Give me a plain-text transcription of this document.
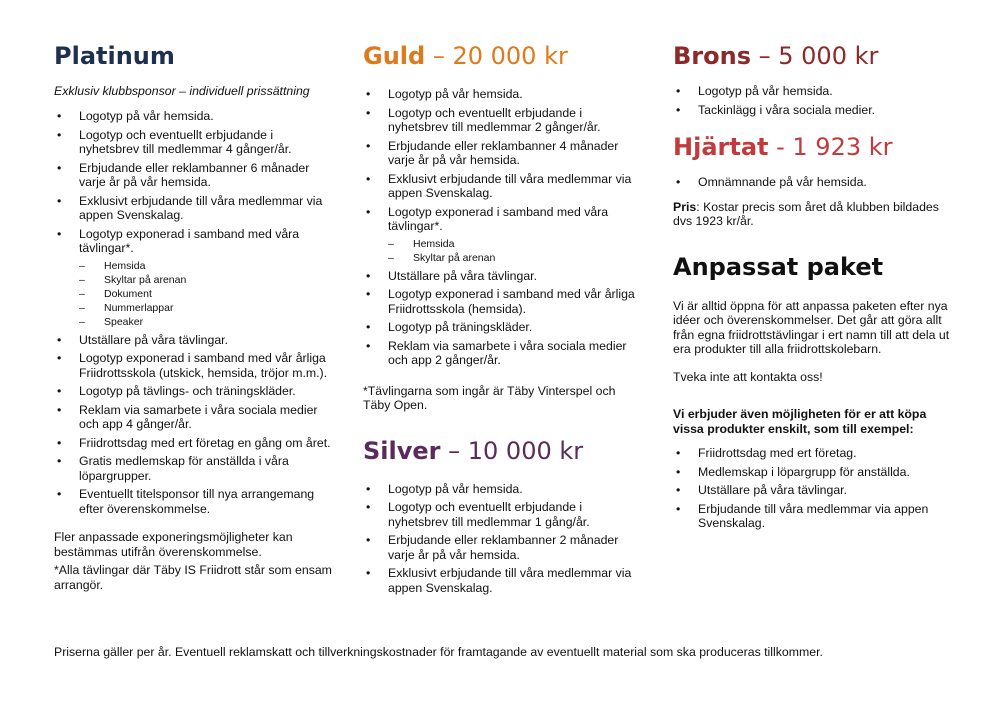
Platinum

Exklusiv klubbsponsor – individuell prissättning

• Logotyp på vår hemsida.
• Logotyp och eventuellt erbjudande i nyhetsbrev till medlemmar 4 gånger/år.
• Erbjudande eller reklambanner 6 månader varje år på vår hemsida.
• Exklusivt erbjudande till våra medlemmar via appen Svenskalag.
• Logotyp exponerad i samband med våra tävlingar*.
– Hemsida
– Skyltar på arenan
– Dokument
– Nummerlappar
– Speaker
• Utställare på våra tävlingar.
• Logotyp exponerad i samband med vår årliga Friidrottsskola (utskick, hemsida, tröjor m.m.).
• Logotyp på tävlings- och träningskläder.
• Reklam via samarbete i våra sociala medier och app 4 gånger/år.
• Friidrottsdag med ert företag en gång om året.
• Gratis medlemskap för anställda i våra löpargrupper.
• Eventuellt titelsponsor till nya arrangemang efter överenskommelse.

Fler anpassade exponeringsmöjligheter kan bestämmas utifrån överenskommelse.

*Alla tävlingar där Täby IS Friidrott står som ensam arrangör.

Guld – 20 000 kr
• Logotyp på vår hemsida.
• Logotyp och eventuellt erbjudande i nyhetsbrev till medlemmar 2 gånger/år.
• Erbjudande eller reklambanner 4 månader varje år på vår hemsida.
• Exklusivt erbjudande till våra medlemmar via appen Svenskalag.
• Logotyp exponerad i samband med våra tävlingar*.
– Hemsida
– Skyltar på arenan
• Utställare på våra tävlingar.
• Logotyp exponerad i samband med vår årliga Friidrottsskola (hemsida).
• Logotyp på träningskläder.
• Reklam via samarbete i våra sociala medier och app 2 gånger/år.

*Tävlingarna som ingår är Täby Vinterspel och Täby Open.

Silver – 10 000 kr
• Logotyp på vår hemsida.
• Logotyp och eventuellt erbjudande i nyhetsbrev till medlemmar 1 gång/år.
• Erbjudande eller reklambanner 2 månader varje år på vår hemsida.
• Exklusivt erbjudande till våra medlemmar via appen Svenskalag.
Brons – 5 000 kr
• Logotyp på vår hemsida.
• Tackinlägg i våra sociala medier.
Hjärtat - 1 923 kr
• Omnämnande på vår hemsida.

Pris: Kostar precis som året då klubben bildades dvs 1923 kr/år.

Anpassat paket

Vi är alltid öppna för att anpassa paketen efter nya idéer och överenskommelser. Det går att göra allt från egna friidrottstävlingar i ert namn till att dela ut era produkter till alla friidrottskolebarn.

Tveka inte att kontakta oss!

Vi erbjuder även möjligheten för er att köpa vissa produkter enskilt, som till exempel:

• Friidrottsdag med ert företag.
• Medlemskap i löpargrupp för anställda.
• Utställare på våra tävlingar.
• Erbjudande till våra medlemmar via appen Svenskalag.

Priserna gäller per år. Eventuell reklamskatt och tillverkningskostnader för framtagande av eventuellt material som ska produceras tillkommer.
